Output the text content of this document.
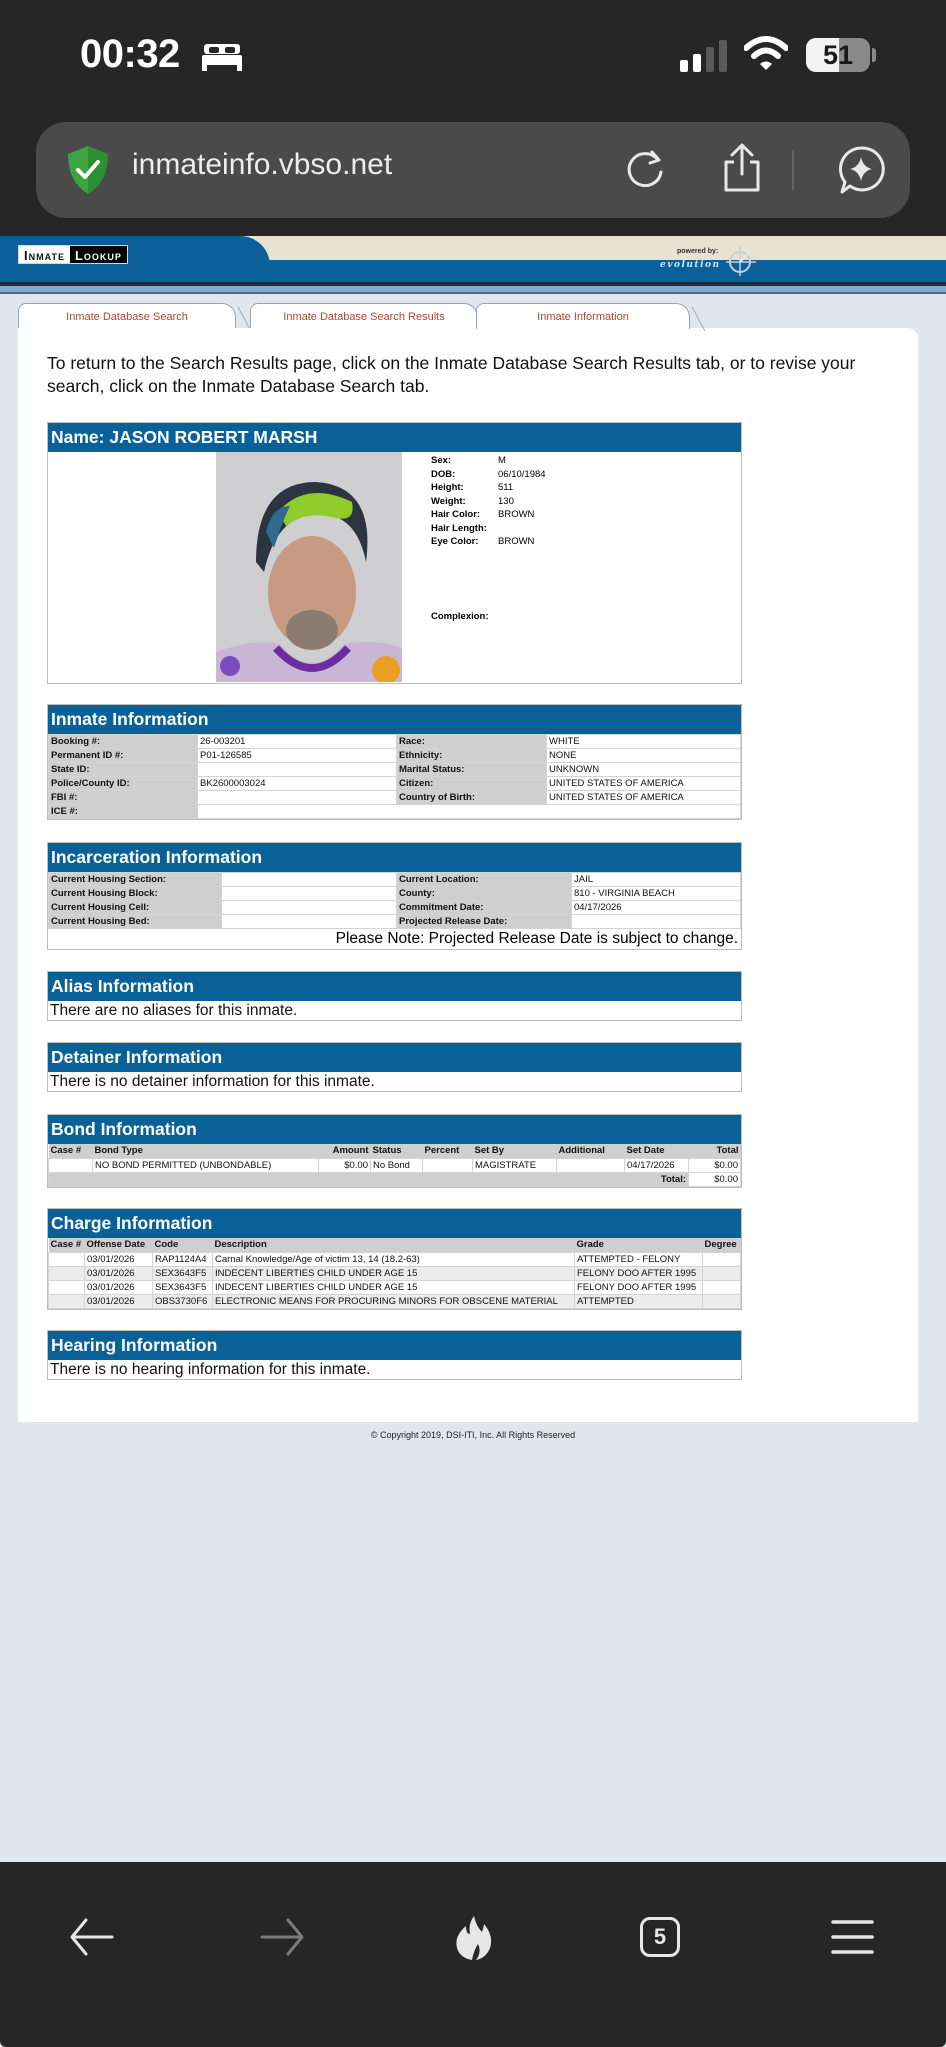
00:32	51
inmateinfo.vbso.net
Inmate Lookup	powered by:
evolution
Inmate Database Search	Inmate Database Search Results	Inmate Information
To return to the Search Results page, click on the Inmate Database Search Results tab, or to revise your search, click on the Inmate Database Search tab.
Name: JASON ROBERT MARSH
Sex:	M
DOB:	06/10/1984
Height:	511
Weight:	130
Hair Color:	BROWN
Hair Length:
Eye Color:	BROWN
Complexion:
Inmate Information
Booking #:	26-003201	Race:	WHITE
Permanent ID #:	P01-126585	Ethnicity:	NONE
State ID:		Marital Status:	UNKNOWN
Police/County ID:	BK2600003024	Citizen:	UNITED STATES OF AMERICA
FBI #:		Country of Birth:	UNITED STATES OF AMERICA
ICE #:			
Incarceration Information
Current Housing Section:		Current Location:	JAIL
Current Housing Block:		County:	810 - VIRGINIA BEACH
Current Housing Cell:		Commitment Date:	04/17/2026
Current Housing Bed:		Projected Release Date:	
Please Note: Projected Release Date is subject to change.
Alias Information
There are no aliases for this inmate.
Detainer Information
There is no detainer information for this inmate.
Bond Information
Case #	Bond Type	Amount	Status	Percent	Set By	Additional	Set Date	Total
	NO BOND PERMITTED (UNBONDABLE)	$0.00	No Bond		MAGISTRATE		04/17/2026	$0.00
Total:								$0.00
Charge Information
Case #	Offense Date	Code	Description	Grade	Degree
	03/01/2026	RAP1124A4	Carnal Knowledge/Age of victim 13, 14 (18.2-63)	ATTEMPTED - FELONY	
	03/01/2026	SEX3643F5	INDECENT LIBERTIES CHILD UNDER AGE 15	FELONY DOO AFTER 1995	
	03/01/2026	SEX3643F5	INDECENT LIBERTIES CHILD UNDER AGE 15	FELONY DOO AFTER 1995	
	03/01/2026	OBS3730F6	ELECTRONIC MEANS FOR PROCURING MINORS FOR OBSCENE MATERIAL	ATTEMPTED	
Hearing Information
There is no hearing information for this inmate.
© Copyright 2019, DSI-ITI, Inc. All Rights Reserved
5
